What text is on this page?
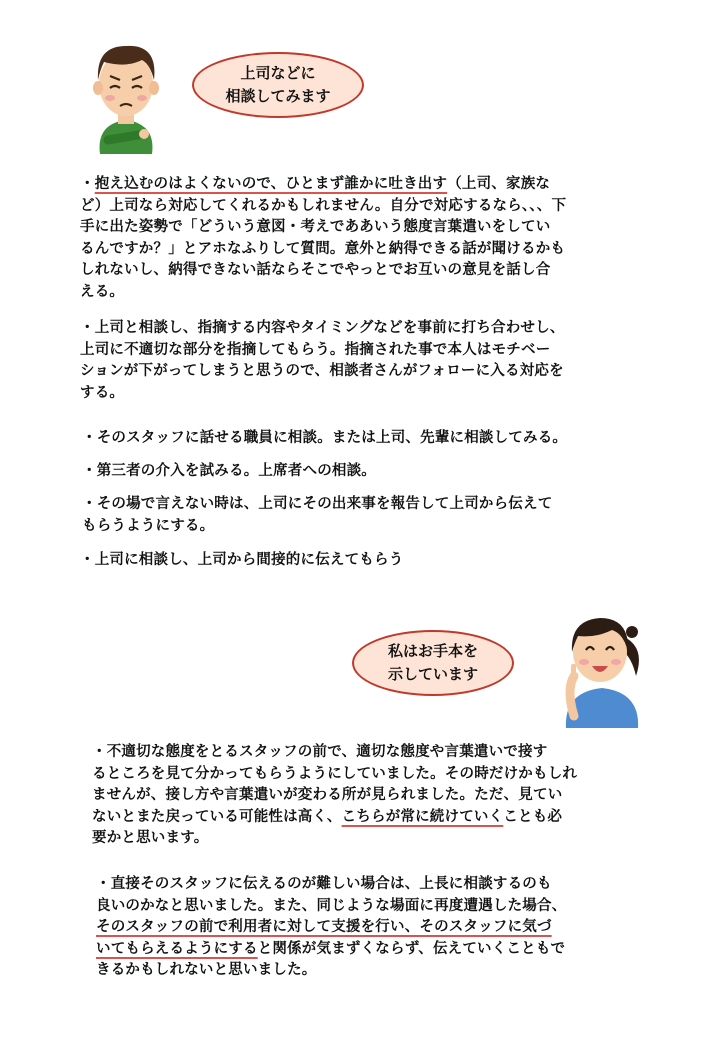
上司などに
相談してみます
・抱え込むのはよくないので、ひとまず誰かに吐き出す（上司、家族な
ど）上司なら対応してくれるかもしれません。自分で対応するなら、、、下
手に出た姿勢で「どういう意図・考えでああいう態度言葉遣いをしてい
るんですか？」とアホなふりして質問。意外と納得できる話が聞けるかも
しれないし、納得できない話ならそこでやっとでお互いの意見を話し合
える。
・上司と相談し、指摘する内容やタイミングなどを事前に打ち合わせし、
上司に不適切な部分を指摘してもらう。指摘された事で本人はモチベー
ションが下がってしまうと思うので、相談者さんがフォローに入る対応を
する。
・そのスタッフに話せる職員に相談。または上司、先輩に相談してみる。
・第三者の介入を試みる。上席者への相談。
・その場で言えない時は、上司にその出来事を報告して上司から伝えて
もらうようにする。
・上司に相談し、上司から間接的に伝えてもらう
私はお手本を
示しています
・不適切な態度をとるスタッフの前で、適切な態度や言葉遣いで接す
るところを見て分かってもらうようにしていました。その時だけかもしれ
ませんが、接し方や言葉遣いが変わる所が見られました。ただ、見てい
ないとまた戻っている可能性は高く、こちらが常に続けていくことも必
要かと思います。
・直接そのスタッフに伝えるのが難しい場合は、上長に相談するのも
良いのかなと思いました。また、同じような場面に再度遭遇した場合、
そのスタッフの前で利用者に対して支援を行い、そのスタッフに気づ
いてもらえるようにすると関係が気まずくならず、伝えていくこともで
きるかもしれないと思いました。
